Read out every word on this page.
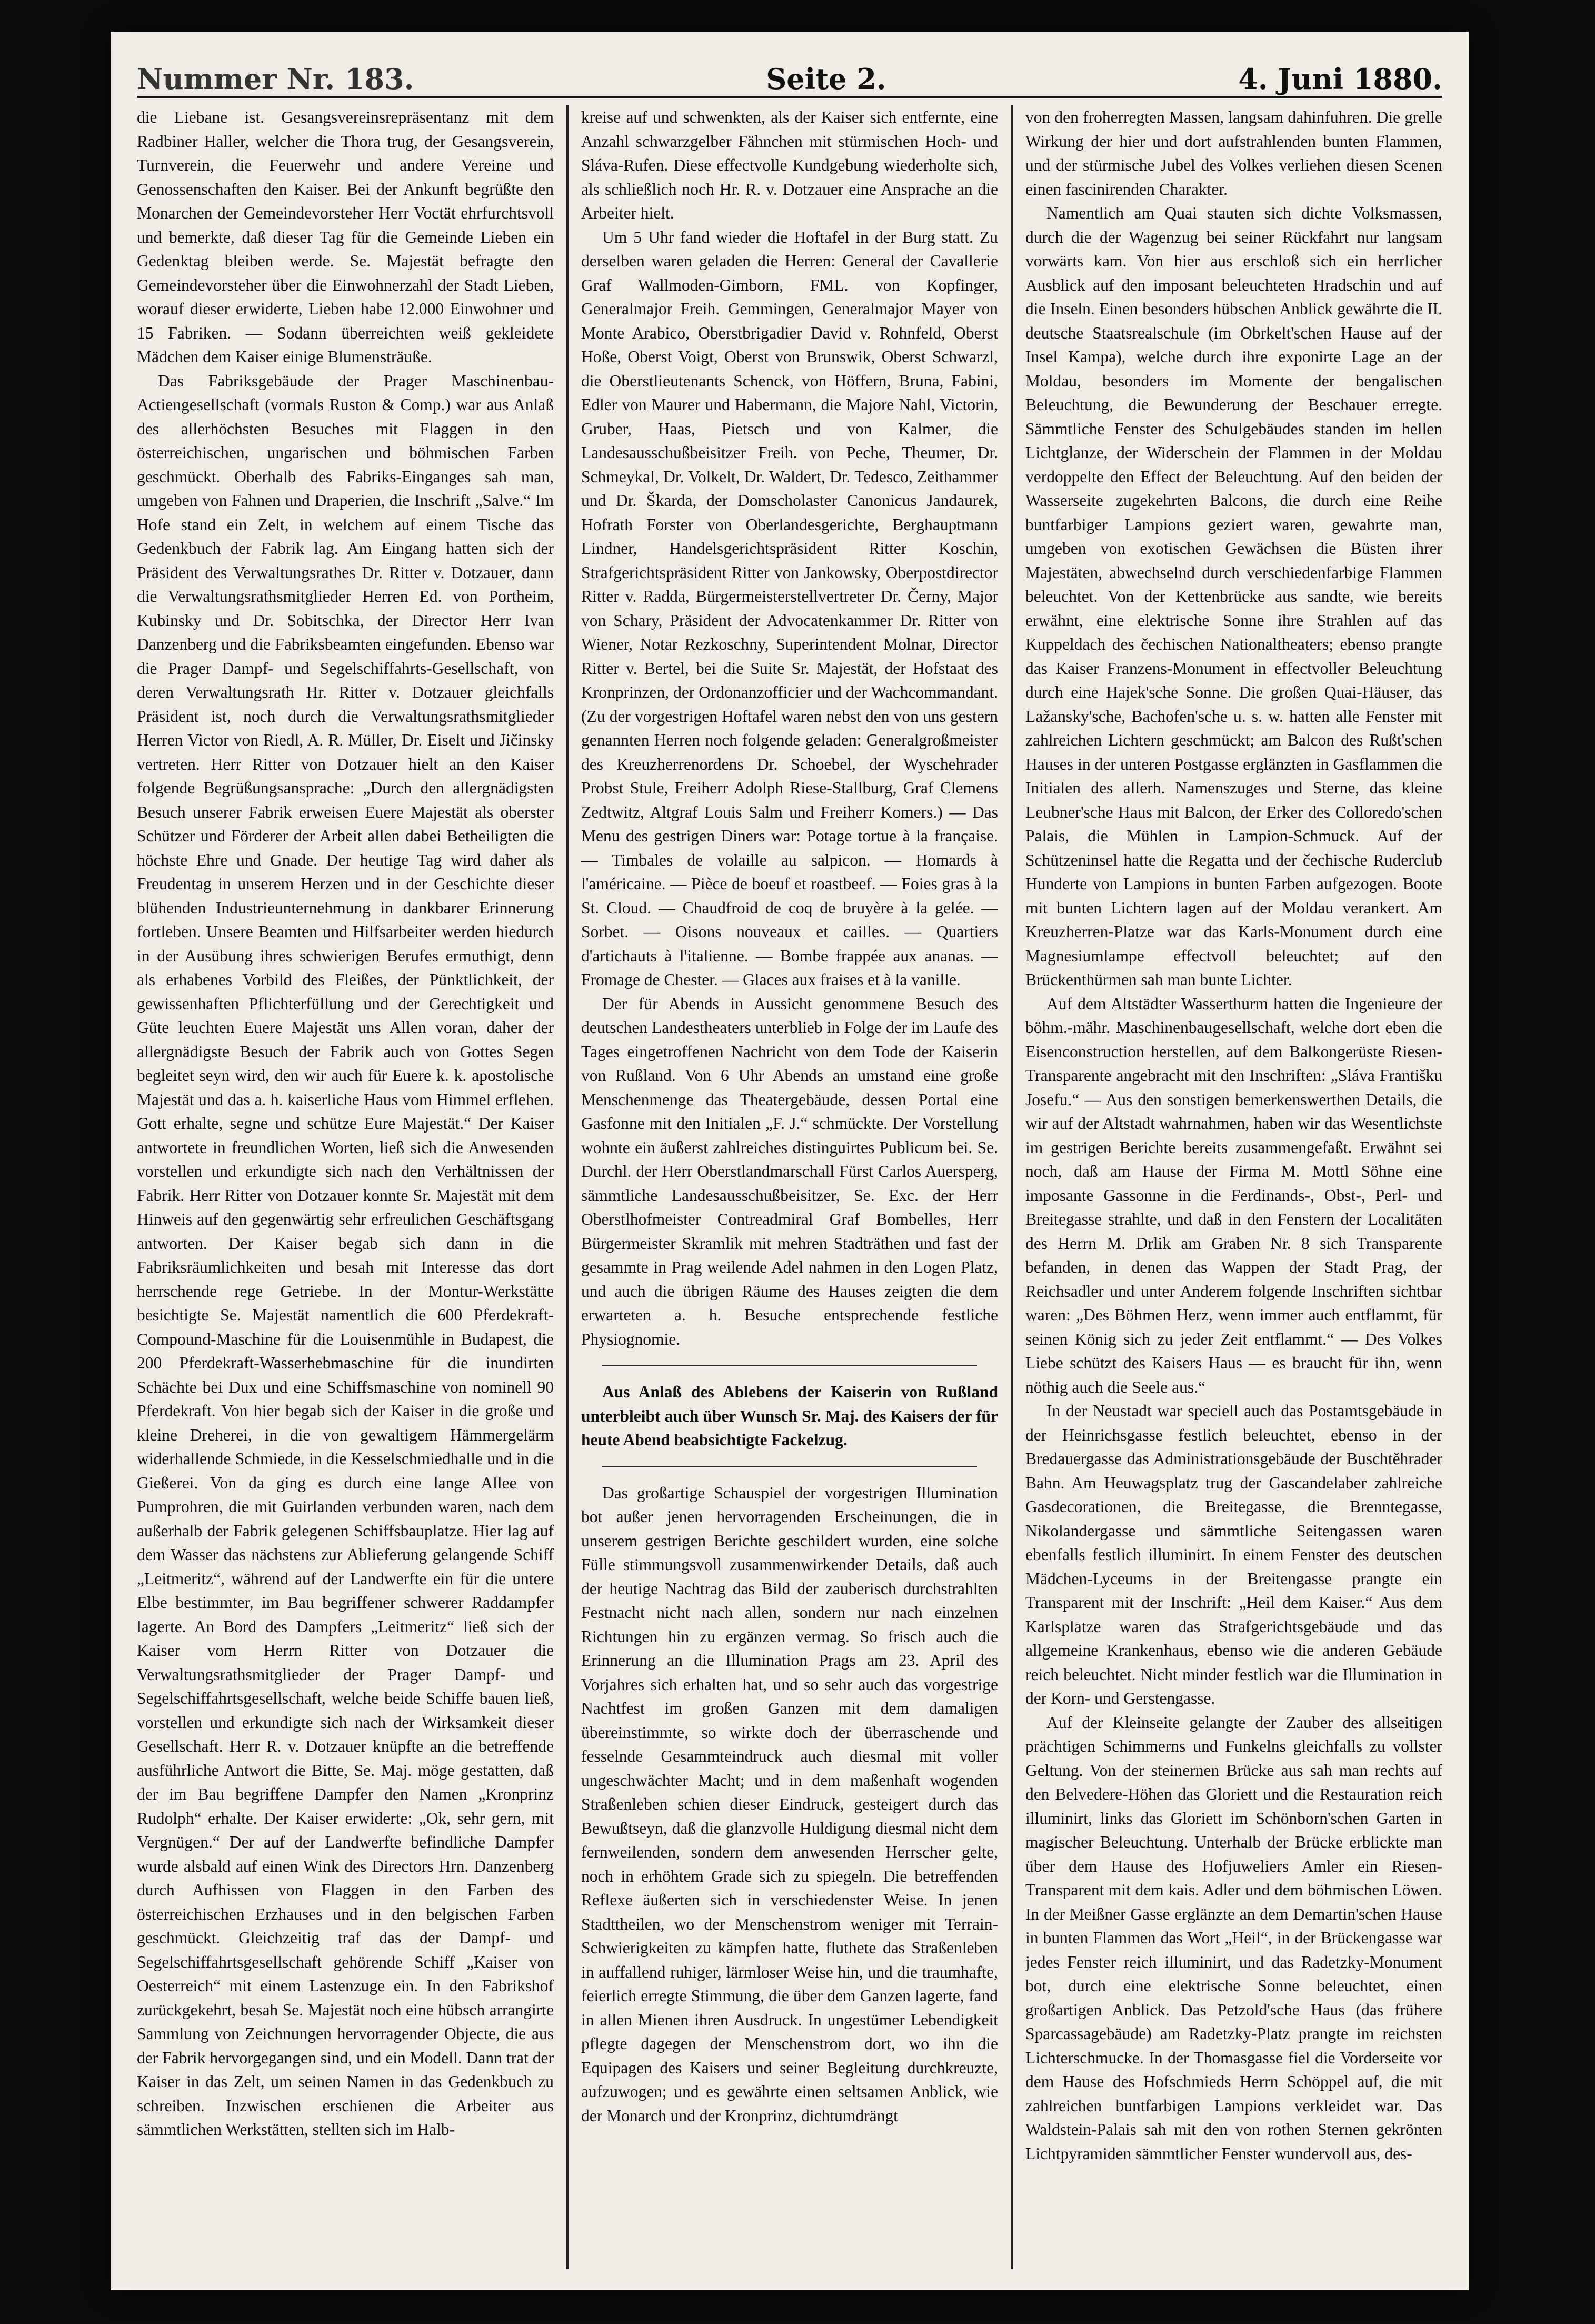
Nummer Nr. 183.	Seite 2.	4. Juni 1880.

die Liebane ist. Gesangsvereinsrepräsentanz mit dem Radbiner Haller, welcher die Thora trug, der Gesangsverein, Turnverein, die Feuerwehr und andere Vereine und Genossenschaften den Kaiser. Bei der Ankunft begrüßte den Monarchen der Gemeindevorsteher Herr Voctät ehrfurchtsvoll und bemerkte, daß dieser Tag für die Gemeinde Lieben ein Gedenktag bleiben werde. Se. Majestät befragte den Gemeindevorsteher über die Einwohnerzahl der Stadt Lieben, worauf dieser erwiderte, Lieben habe 12.000 Einwohner und 15 Fabriken. — Sodann überreichten weiß gekleidete Mädchen dem Kaiser einige Blumensträuße.

Das Fabriksgebäude der Prager Maschinenbau-Actiengesellschaft (vormals Ruston & Comp.) war aus Anlaß des allerhöchsten Besuches mit Flaggen in den österreichischen, ungarischen und böhmischen Farben geschmückt. Oberhalb des Fabriks-Einganges sah man, umgeben von Fahnen und Draperien, die Inschrift „Salve.“ Im Hofe stand ein Zelt, in welchem auf einem Tische das Gedenkbuch der Fabrik lag. Am Eingang hatten sich der Präsident des Verwaltungsrathes Dr. Ritter v. Dotzauer, dann die Verwaltungsrathsmitglieder Herren Ed. von Portheim, Kubinsky und Dr. Sobitschka, der Director Herr Ivan Danzenberg und die Fabriksbeamten eingefunden. Ebenso war die Prager Dampf- und Segelschiffahrts-Gesellschaft, von deren Verwaltungsrath Hr. Ritter v. Dotzauer gleichfalls Präsident ist, noch durch die Verwaltungsrathsmitglieder Herren Victor von Riedl, A. R. Müller, Dr. Eiselt und Jičinsky vertreten. Herr Ritter von Dotzauer hielt an den Kaiser folgende Begrüßungsansprache: „Durch den allergnädigsten Besuch unserer Fabrik erweisen Euere Majestät als oberster Schützer und Förderer der Arbeit allen dabei Betheiligten die höchste Ehre und Gnade. Der heutige Tag wird daher als Freudentag in unserem Herzen und in der Geschichte dieser blühenden Industrieunternehmung in dankbarer Erinnerung fortleben. Unsere Beamten und Hilfsarbeiter werden hiedurch in der Ausübung ihres schwierigen Berufes ermuthigt, denn als erhabenes Vorbild des Fleißes, der Pünktlichkeit, der gewissenhaften Pflichterfüllung und der Gerechtigkeit und Güte leuchten Euere Majestät uns Allen voran, daher der allergnädigste Besuch der Fabrik auch von Gottes Segen begleitet seyn wird, den wir auch für Euere k. k. apostolische Majestät und das a. h. kaiserliche Haus vom Himmel erflehen. Gott erhalte, segne und schütze Eure Majestät.“ Der Kaiser antwortete in freundlichen Worten, ließ sich die Anwesenden vorstellen und erkundigte sich nach den Verhältnissen der Fabrik. Herr Ritter von Dotzauer konnte Sr. Majestät mit dem Hinweis auf den gegenwärtig sehr erfreulichen Geschäftsgang antworten. Der Kaiser begab sich dann in die Fabriksräumlichkeiten und besah mit Interesse das dort herrschende rege Getriebe. In der Montur-Werkstätte besichtigte Se. Majestät namentlich die 600 Pferdekraft-Compound-Maschine für die Louisenmühle in Budapest, die 200 Pferdekraft-Wasserhebmaschine für die inundirten Schächte bei Dux und eine Schiffsmaschine von nominell 90 Pferdekraft. Von hier begab sich der Kaiser in die große und kleine Dreherei, in die von gewaltigem Hämmergelärm widerhallende Schmiede, in die Kesselschmiedhalle und in die Gießerei. Von da ging es durch eine lange Allee von Pumprohren, die mit Guirlanden verbunden waren, nach dem außerhalb der Fabrik gelegenen Schiffsbauplatze. Hier lag auf dem Wasser das nächstens zur Ablieferung gelangende Schiff „Leitmeritz“, während auf der Landwerfte ein für die untere Elbe bestimmter, im Bau begriffener schwerer Raddampfer lagerte. An Bord des Dampfers „Leitmeritz“ ließ sich der Kaiser vom Herrn Ritter von Dotzauer die Verwaltungsrathsmitglieder der Prager Dampf- und Segelschiffahrtsgesellschaft, welche beide Schiffe bauen ließ, vorstellen und erkundigte sich nach der Wirksamkeit dieser Gesellschaft. Herr R. v. Dotzauer knüpfte an die betreffende ausführliche Antwort die Bitte, Se. Maj. möge gestatten, daß der im Bau begriffene Dampfer den Namen „Kronprinz Rudolph“ erhalte. Der Kaiser erwiderte: „Ok, sehr gern, mit Vergnügen.“ Der auf der Landwerfte befindliche Dampfer wurde alsbald auf einen Wink des Directors Hrn. Danzenberg durch Aufhissen von Flaggen in den Farben des österreichischen Erzhauses und in den belgischen Farben geschmückt. Gleichzeitig traf das der Dampf- und Segelschiffahrtsgesellschaft gehörende Schiff „Kaiser von Oesterreich“ mit einem Lastenzuge ein. In den Fabrikshof zurückgekehrt, besah Se. Majestät noch eine hübsch arrangirte Sammlung von Zeichnungen hervorragender Objecte, die aus der Fabrik hervorgegangen sind, und ein Modell. Dann trat der Kaiser in das Zelt, um seinen Namen in das Gedenkbuch zu schreiben. Inzwischen erschienen die Arbeiter aus sämmtlichen Werkstätten, stellten sich im Halb-

kreise auf und schwenkten, als der Kaiser sich entfernte, eine Anzahl schwarzgelber Fähnchen mit stürmischen Hoch- und Sláva-Rufen. Diese effectvolle Kundgebung wiederholte sich, als schließlich noch Hr. R. v. Dotzauer eine Ansprache an die Arbeiter hielt.

Um 5 Uhr fand wieder die Hoftafel in der Burg statt. Zu derselben waren geladen die Herren: General der Cavallerie Graf Wallmoden-Gimborn, FML. von Kopfinger, Generalmajor Freih. Gemmingen, Generalmajor Mayer von Monte Arabico, Oberstbrigadier David v. Rohnfeld, Oberst Hoße, Oberst Voigt, Oberst von Brunswik, Oberst Schwarzl, die Oberstlieutenants Schenck, von Höffern, Bruna, Fabini, Edler von Maurer und Habermann, die Majore Nahl, Victorin, Gruber, Haas, Pietsch und von Kalmer, die Landesausschußbeisitzer Freih. von Peche, Theumer, Dr. Schmeykal, Dr. Volkelt, Dr. Waldert, Dr. Tedesco, Zeithammer und Dr. Škarda, der Domscholaster Canonicus Jandaurek, Hofrath Forster von Oberlandesgerichte, Berghauptmann Lindner, Handelsgerichtspräsident Ritter Koschin, Strafgerichtspräsident Ritter von Jankowsky, Oberpostdirector Ritter v. Radda, Bürgermeisterstellvertreter Dr. Černy, Major von Schary, Präsident der Advocatenkammer Dr. Ritter von Wiener, Notar Rezkoschny, Superintendent Molnar, Director Ritter v. Bertel, bei die Suite Sr. Majestät, der Hofstaat des Kronprinzen, der Ordonanzofficier und der Wachcommandant. (Zu der vorgestrigen Hoftafel waren nebst den von uns gestern genannten Herren noch folgende geladen: Generalgroßmeister des Kreuzherrenordens Dr. Schoebel, der Wyschehrader Probst Stule, Freiherr Adolph Riese-Stallburg, Graf Clemens Zedtwitz, Altgraf Louis Salm und Freiherr Komers.) — Das Menu des gestrigen Diners war: Potage tortue à la française. — Timbales de volaille au salpicon. — Homards à l'américaine. — Pièce de boeuf et roastbeef. — Foies gras à la St. Cloud. — Chaudfroid de coq de bruyère à la gelée. — Sorbet. — Oisons nouveaux et cailles. — Quartiers d'artichauts à l'italienne. — Bombe frappée aux ananas. — Fromage de Chester. — Glaces aux fraises et à la vanille.

Der für Abends in Aussicht genommene Besuch des deutschen Landestheaters unterblieb in Folge der im Laufe des Tages eingetroffenen Nachricht von dem Tode der Kaiserin von Rußland. Von 6 Uhr Abends an umstand eine große Menschenmenge das Theatergebäude, dessen Portal eine Gasfonne mit den Initialen „F. J.“ schmückte. Der Vorstellung wohnte ein äußerst zahlreiches distinguirtes Publicum bei. Se. Durchl. der Herr Oberstlandmarschall Fürst Carlos Auersperg, sämmtliche Landesausschußbeisitzer, Se. Exc. der Herr Oberstlhofmeister Contreadmiral Graf Bombelles, Herr Bürgermeister Skramlik mit mehren Stadträthen und fast der gesammte in Prag weilende Adel nahmen in den Logen Platz, und auch die übrigen Räume des Hauses zeigten die dem erwarteten a. h. Besuche entsprechende festliche Physiognomie.

Aus Anlaß des Ablebens der Kaiserin von Rußland unterbleibt auch über Wunsch Sr. Maj. des Kaisers der für heute Abend beabsichtigte Fackelzug.

Das großartige Schauspiel der vorgestrigen Illumination bot außer jenen hervorragenden Erscheinungen, die in unserem gestrigen Berichte geschildert wurden, eine solche Fülle stimmungsvoll zusammenwirkender Details, daß auch der heutige Nachtrag das Bild der zauberisch durchstrahlten Festnacht nicht nach allen, sondern nur nach einzelnen Richtungen hin zu ergänzen vermag. So frisch auch die Erinnerung an die Illumination Prags am 23. April des Vorjahres sich erhalten hat, und so sehr auch das vorgestrige Nachtfest im großen Ganzen mit dem damaligen übereinstimmte, so wirkte doch der überraschende und fesselnde Gesammteindruck auch diesmal mit voller ungeschwächter Macht; und in dem maßenhaft wogenden Straßenleben schien dieser Eindruck, gesteigert durch das Bewußtseyn, daß die glanzvolle Huldigung diesmal nicht dem fernweilenden, sondern dem anwesenden Herrscher gelte, noch in erhöhtem Grade sich zu spiegeln. Die betreffenden Reflexe äußerten sich in verschiedenster Weise. In jenen Stadttheilen, wo der Menschenstrom weniger mit Terrain-Schwierigkeiten zu kämpfen hatte, fluthete das Straßenleben in auffallend ruhiger, lärmloser Weise hin, und die traumhafte, feierlich erregte Stimmung, die über dem Ganzen lagerte, fand in allen Mienen ihren Ausdruck. In ungestümer Lebendigkeit pflegte dagegen der Menschenstrom dort, wo ihn die Equipagen des Kaisers und seiner Begleitung durchkreuzte, aufzuwogen; und es gewährte einen seltsamen Anblick, wie der Monarch und der Kronprinz, dichtumdrängt

von den froherregten Massen, langsam dahinfuhren. Die grelle Wirkung der hier und dort aufstrahlenden bunten Flammen, und der stürmische Jubel des Volkes verliehen diesen Scenen einen fascinirenden Charakter.

Namentlich am Quai stauten sich dichte Volksmassen, durch die der Wagenzug bei seiner Rückfahrt nur langsam vorwärts kam. Von hier aus erschloß sich ein herrlicher Ausblick auf den imposant beleuchteten Hradschin und auf die Inseln. Einen besonders hübschen Anblick gewährte die II. deutsche Staatsrealschule (im Obrkelt'schen Hause auf der Insel Kampa), welche durch ihre exponirte Lage an der Moldau, besonders im Momente der bengalischen Beleuchtung, die Bewunderung der Beschauer erregte. Sämmtliche Fenster des Schulgebäudes standen im hellen Lichtglanze, der Widerschein der Flammen in der Moldau verdoppelte den Effect der Beleuchtung. Auf den beiden der Wasserseite zugekehrten Balcons, die durch eine Reihe buntfarbiger Lampions geziert waren, gewahrte man, umgeben von exotischen Gewächsen die Büsten ihrer Majestäten, abwechselnd durch verschiedenfarbige Flammen beleuchtet. Von der Kettenbrücke aus sandte, wie bereits erwähnt, eine elektrische Sonne ihre Strahlen auf das Kuppeldach des čechischen Nationaltheaters; ebenso prangte das Kaiser Franzens-Monument in effectvoller Beleuchtung durch eine Hajek'sche Sonne. Die großen Quai-Häuser, das Lažansky'sche, Bachofen'sche u. s. w. hatten alle Fenster mit zahlreichen Lichtern geschmückt; am Balcon des Rußt'schen Hauses in der unteren Postgasse erglänzten in Gasflammen die Initialen des allerh. Namenszuges und Sterne, das kleine Leubner'sche Haus mit Balcon, der Erker des Colloredo'schen Palais, die Mühlen in Lampion-Schmuck. Auf der Schützeninsel hatte die Regatta und der čechische Ruderclub Hunderte von Lampions in bunten Farben aufgezogen. Boote mit bunten Lichtern lagen auf der Moldau verankert. Am Kreuzherren-Platze war das Karls-Monument durch eine Magnesiumlampe effectvoll beleuchtet; auf den Brückenthürmen sah man bunte Lichter.

Auf dem Altstädter Wasserthurm hatten die Ingenieure der böhm.-mähr. Maschinenbaugesellschaft, welche dort eben die Eisenconstruction herstellen, auf dem Balkongerüste Riesen-Transparente angebracht mit den Inschriften: „Sláva Františku Josefu.“ — Aus den sonstigen bemerkenswerthen Details, die wir auf der Altstadt wahrnahmen, haben wir das Wesentlichste im gestrigen Berichte bereits zusammengefaßt. Erwähnt sei noch, daß am Hause der Firma M. Mottl Söhne eine imposante Gassonne in die Ferdinands-, Obst-, Perl- und Breitegasse strahlte, und daß in den Fenstern der Localitäten des Herrn M. Drlik am Graben Nr. 8 sich Transparente befanden, in denen das Wappen der Stadt Prag, der Reichsadler und unter Anderem folgende Inschriften sichtbar waren: „Des Böhmen Herz, wenn immer auch entflammt, für seinen König sich zu jeder Zeit entflammt.“ — Des Volkes Liebe schützt des Kaisers Haus — es braucht für ihn, wenn nöthig auch die Seele aus.“

In der Neustadt war speciell auch das Postamtsgebäude in der Heinrichsgasse festlich beleuchtet, ebenso in der Bredauergasse das Administrationsgebäude der Buschtěhrader Bahn. Am Heuwagsplatz trug der Gascandelaber zahlreiche Gasdecorationen, die Breitegasse, die Brenntegasse, Nikolandergasse und sämmtliche Seitengassen waren ebenfalls festlich illuminirt. In einem Fenster des deutschen Mädchen-Lyceums in der Breitengasse prangte ein Transparent mit der Inschrift: „Heil dem Kaiser.“ Aus dem Karlsplatze waren das Strafgerichtsgebäude und das allgemeine Krankenhaus, ebenso wie die anderen Gebäude reich beleuchtet. Nicht minder festlich war die Illumination in der Korn- und Gerstengasse.

Auf der Kleinseite gelangte der Zauber des allseitigen prächtigen Schimmerns und Funkelns gleichfalls zu vollster Geltung. Von der steinernen Brücke aus sah man rechts auf den Belvedere-Höhen das Gloriett und die Restauration reich illuminirt, links das Gloriett im Schönborn'schen Garten in magischer Beleuchtung. Unterhalb der Brücke erblickte man über dem Hause des Hofjuweliers Amler ein Riesen-Transparent mit dem kais. Adler und dem böhmischen Löwen. In der Meißner Gasse erglänzte an dem Demartin'schen Hause in bunten Flammen das Wort „Heil“, in der Brückengasse war jedes Fenster reich illuminirt, und das Radetzky-Monument bot, durch eine elektrische Sonne beleuchtet, einen großartigen Anblick. Das Petzold'sche Haus (das frühere Sparcassagebäude) am Radetzky-Platz prangte im reichsten Lichterschmucke. In der Thomasgasse fiel die Vorderseite vor dem Hause des Hofschmieds Herrn Schöppel auf, die mit zahlreichen buntfarbigen Lampions verkleidet war. Das Waldstein-Palais sah mit den von rothen Sternen gekrönten Lichtpyramiden sämmtlicher Fenster wundervoll aus, des-
